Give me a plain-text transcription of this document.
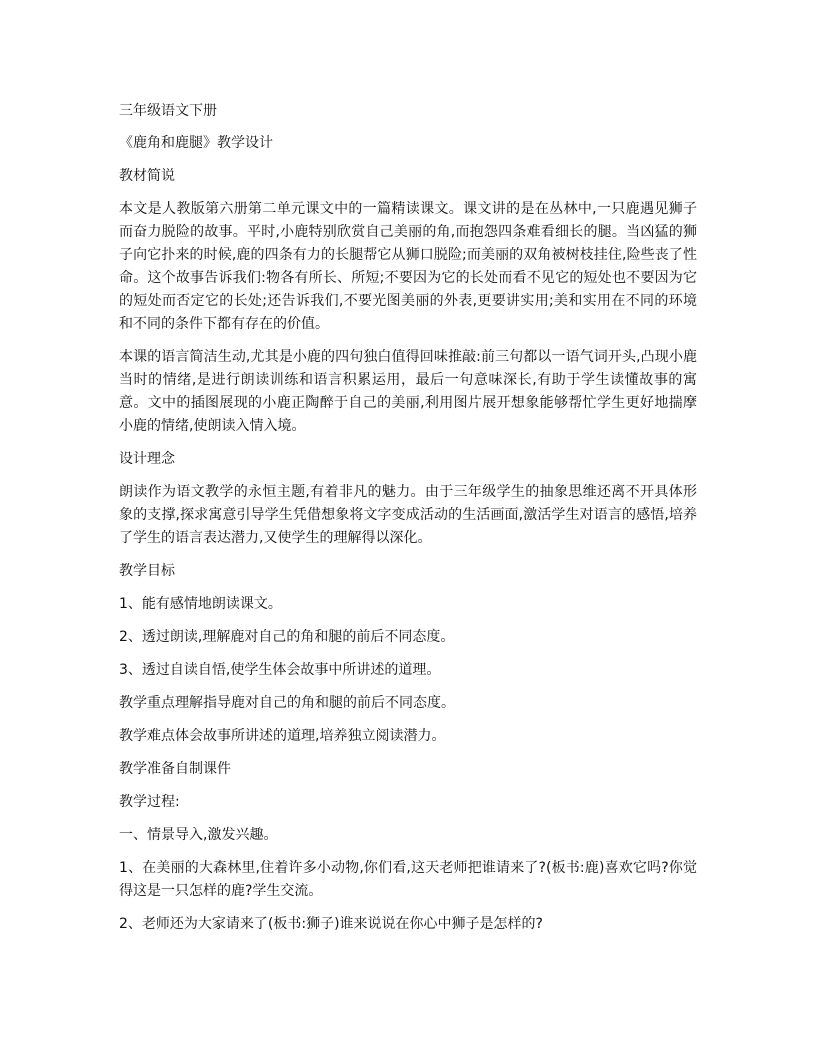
三年级语文下册

《鹿角和鹿腿》教学设计

教材简说

本文是人教版第六册第二单元课文中的一篇精读课文。课文讲的是在丛林中,一只鹿遇见狮子而奋力脱险的故事。平时,小鹿特别欣赏自己美丽的角,而抱怨四条难看细长的腿。当凶猛的狮子向它扑来的时候,鹿的四条有力的长腿帮它从狮口脱险;而美丽的双角被树枝挂住,险些丧了性命。这个故事告诉我们:物各有所长、所短;不要因为它的长处而看不见它的短处也不要因为它的短处而否定它的长处;还告诉我们,不要光图美丽的外表,更要讲实用;美和实用在不同的环境和不同的条件下都有存在的价值。

本课的语言简洁生动,尤其是小鹿的四句独白值得回味推敲:前三句都以一语气词开头,凸现小鹿当时的情绪,是进行朗读训练和语言积累运用，最后一句意味深长,有助于学生读懂故事的寓意。文中的插图展现的小鹿正陶醉于自己的美丽,利用图片展开想象能够帮忙学生更好地揣摩小鹿的情绪,使朗读入情入境。

设计理念

朗读作为语文教学的永恒主题,有着非凡的魅力。由于三年级学生的抽象思维还离不开具体形象的支撑,探求寓意引导学生凭借想象将文字变成活动的生活画面,激活学生对语言的感悟,培养了学生的语言表达潜力,又使学生的理解得以深化。

教学目标

1、能有感情地朗读课文。

2、透过朗读,理解鹿对自己的角和腿的前后不同态度。

3、透过自读自悟,使学生体会故事中所讲述的道理。

教学重点理解指导鹿对自己的角和腿的前后不同态度。

教学难点体会故事所讲述的道理,培养独立阅读潜力。

教学准备自制课件

教学过程:

一、情景导入,激发兴趣。

1、在美丽的大森林里,住着许多小动物,你们看,这天老师把谁请来了?(板书:鹿)喜欢它吗?你觉得这是一只怎样的鹿?学生交流。

2、老师还为大家请来了(板书:狮子)谁来说说在你心中狮子是怎样的?
